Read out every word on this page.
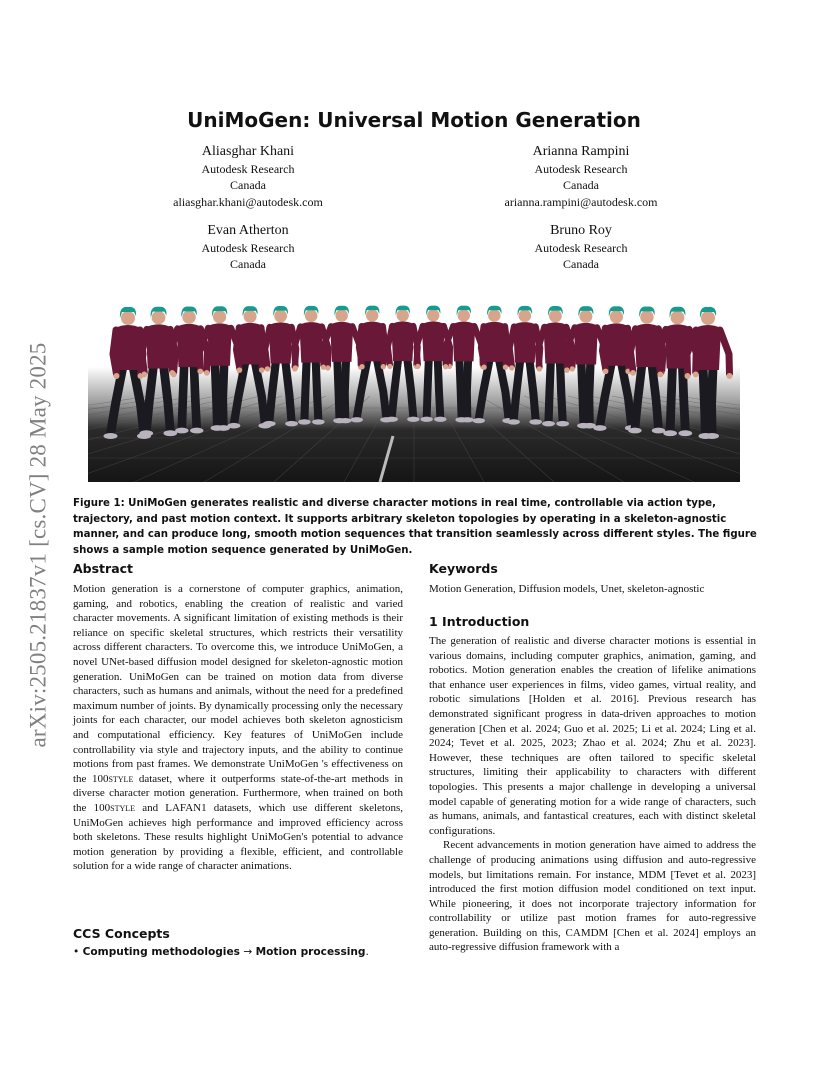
arXiv:2505.21837v1 [cs.CV] 28 May 2025
UniMoGen: Universal Motion Generation
Aliasghar Khani
Autodesk Research
Canada
aliasghar.khani@autodesk.com
Arianna Rampini
Autodesk Research
Canada
arianna.rampini@autodesk.com
Evan Atherton
Autodesk Research
Canada
Bruno Roy
Autodesk Research
Canada
Figure 1: UniMoGen generates realistic and diverse character motions in real time, controllable via action type, trajectory, and past motion context. It supports arbitrary skeleton topologies by operating in a skeleton-agnostic manner, and can produce long, smooth motion sequences that transition seamlessly across different styles. The figure shows a sample motion sequence generated by UniMoGen.
Abstract

Motion generation is a cornerstone of computer graphics, animation, gaming, and robotics, enabling the creation of realistic and varied character movements. A significant limitation of existing methods is their reliance on specific skeletal structures, which restricts their versatility across different characters. To overcome this, we introduce UniMoGen, a novel UNet-based diffusion model designed for skeleton-agnostic motion generation. UniMoGen can be trained on motion data from diverse characters, such as humans and animals, without the need for a predefined maximum number of joints. By dynamically processing only the necessary joints for each character, our model achieves both skeleton agnosticism and computational efficiency. Key features of UniMoGen include controllability via style and trajectory inputs, and the ability to continue motions from past frames. We demonstrate UniMoGen 's effectiveness on the 100style dataset, where it outperforms state-of-the-art methods in diverse character motion generation. Furthermore, when trained on both the 100style and LAFAN1 datasets, which use different skeletons, UniMoGen achieves high performance and improved efficiency across both skeletons. These results highlight UniMoGen's potential to advance motion generation by providing a flexible, efficient, and controllable solution for a wide range of character animations.

CCS Concepts
• Computing methodologies → Motion processing.
Keywords
Motion Generation, Diffusion models, Unet, skeleton-agnostic
1 Introduction

The generation of realistic and diverse character motions is essential in various domains, including computer graphics, animation, gaming, and robotics. Motion generation enables the creation of lifelike animations that enhance user experiences in films, video games, virtual reality, and robotic simulations [Holden et al. 2016]. Previous research has demonstrated significant progress in data-driven approaches to motion generation [Chen et al. 2024; Guo et al. 2025; Li et al. 2024; Ling et al. 2024; Tevet et al. 2025, 2023; Zhao et al. 2024; Zhu et al. 2023]. However, these techniques are often tailored to specific skeletal structures, limiting their applicability to characters with different topologies. This presents a major challenge in developing a universal model capable of generating motion for a wide range of characters, such as humans, animals, and fantastical creatures, each with distinct skeletal configurations.

Recent advancements in motion generation have aimed to address the challenge of producing animations using diffusion and auto-regressive models, but limitations remain. For instance, MDM [Tevet et al. 2023] introduced the first motion diffusion model conditioned on text input. While pioneering, it does not incorporate trajectory information for controllability or utilize past motion frames for auto-regressive generation. Building on this, CAMDM [Chen et al. 2024] employs an auto-regressive diffusion framework with a
